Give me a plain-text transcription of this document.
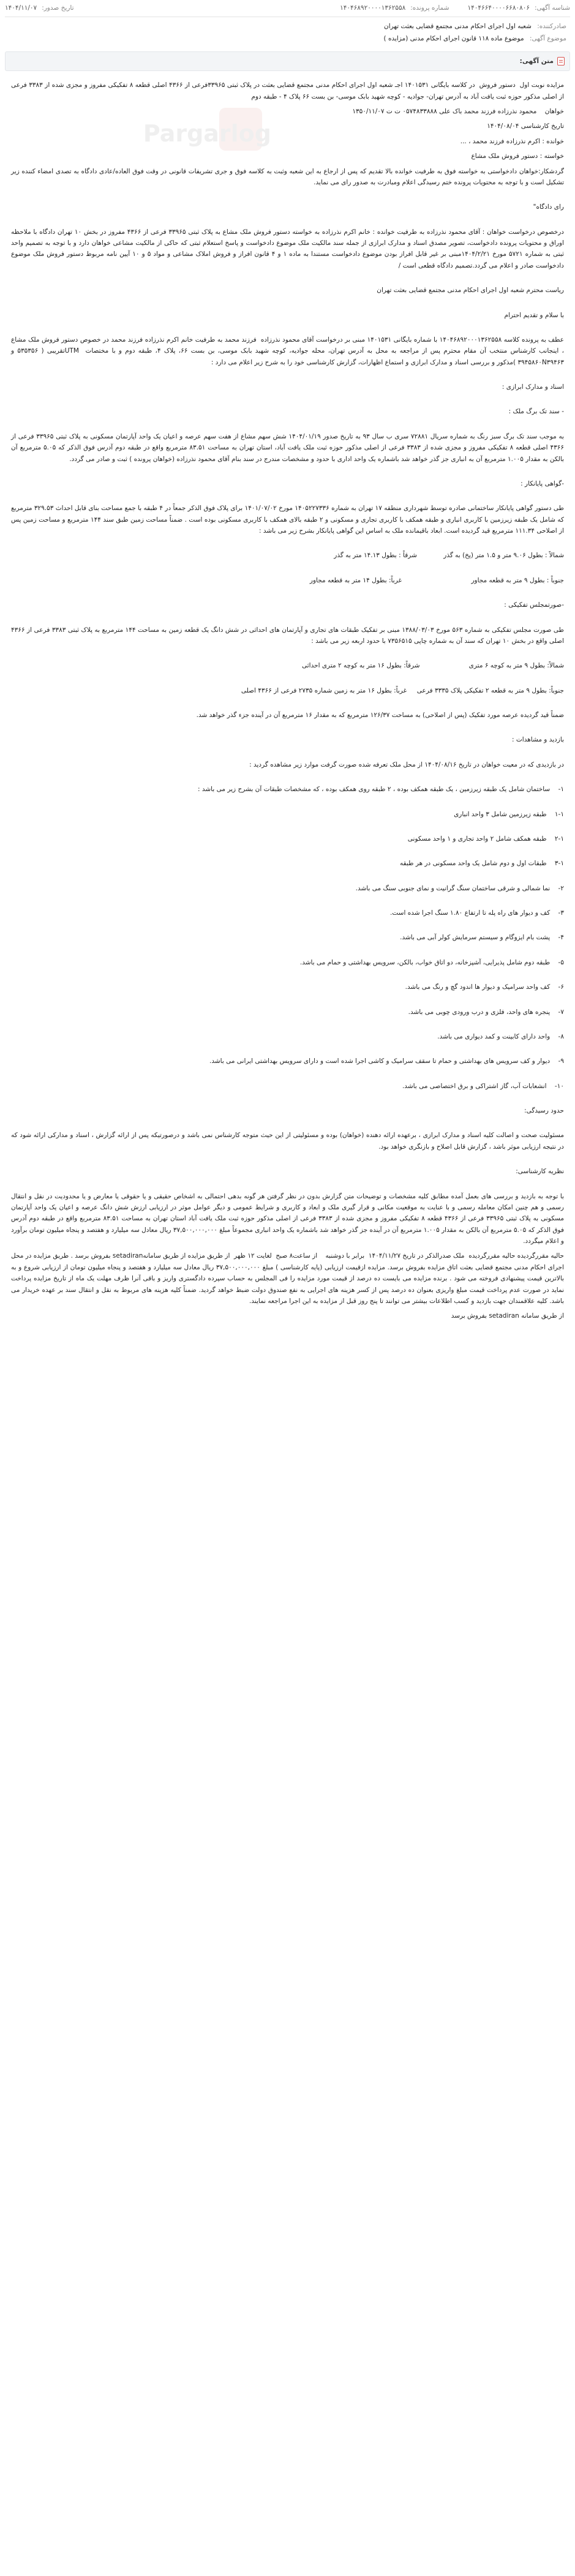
شناسه آگهی:
۱۴۰۴۶۶۴۰۰۰۰۶۶۸۰۸۰۶
شماره پرونده:
۱۴۰۴۶۸۹۲۰۰۰۰۱۳۶۲۵۵۸
تاریخ صدور:
۱۴۰۴/۱۱/۰۷
صادرکننده: شعبه اول اجرای احکام مدنی مجتمع قضایی بعثت تهران
موضوع آگهی: موضوع ماده ۱۱۸ قانون اجرای احکام مدنی (مزایده )
متن آگهی:
Pargarlog

مزایده نوبت اول  دستور فروش  در کلاسه بایگانی ۱۴۰۱۵۳۱ اجـ شعبه اول اجرای احکام مدنی مجتمع قضایی بعثت در پلاک ثبتی ۳۳۹۶۵فرعی از ۴۳۶۶ اصلی قطعه ۸ تفکیکی مفروز و مجزی شده از ۳۳۸۳ فرعی از اصلی مذکور حوزه ثبت یافت آباد به آدرس تهران- جوادیه - کوچه شهید بابک موسی- بن بست ۶۶ پلاک ۴ - طبقه دوم

خواهان    محمود نذرزاده فرزند محمد باک علی ۰۵۷۴۸۳۳۸۸۸ ت ت ۱۳۵۰/۱۱/۰۷

تاریخ کارشناسی ۱۴۰۴/۰۸/۰۴

خوانده : اکرم نذرزاده فرزند محمد ، ...

خواسته : دستور فروش ملک مشاع

گردشکار:خواهان دادخواستی به خواسته فوق به طرفیت خوانده بالا تقدیم که پس از ارجاع به این شعبه وثبت به کلاسه فوق و جری تشریفات قانونی در وقت فوق العاده/عادی دادگاه به تصدی امضاء کننده زیر تشکیل است و با توجه به محتویات پرونده ختم رسیدگی اعلام ومبادرت به صدور رای می نماید.

رای دادگاه"

درخصوص درخواست خواهان : آقای محمود نذرزاده به طرفیت خوانده : خانم اکرم نذرزاده به خواسته دستور فروش ملک مشاع به پلاک ثبتی ۳۳۹۶۵ فرعی از ۴۳۶۶ مفروز در بخش ۱۰ تهران دادگاه با ملاحظه اوراق و محتویات پرونده دادخواست، تصویر مصدق اسناد و مدارک ابرازی از جمله سند مالکیت ملک موضوع دادخواست و پاسخ استعلام ثبتی که حاکی از مالکیت مشاعی خواهان دارد و با توجه به تصمیم واحد ثبتی به شماره ۵۷۲۱ مورخ ۱۴۰۴/۲/۲۱مبنی بر غیر قابل افراز بودن موضوع دادخواست مستندا به ماده ۱ و ۴ قانون افراز و فروش املاک مشاعی و مواد ۵ و ۱۰ آیین نامه مربوط دستور فروش ملک موضوع دادخواست صادر و اعلام می گردد.تصمیم دادگاه قطعی است /

ریاست محترم شعبه اول اجرای احکام مدنی مجتمع قضایی بعثت تهران

با سلام و تقدیم احترام

عطف به پرونده کلاسه ۱۴۰۴۶۸۹۲۰۰۰۱۳۶۲۵۵۸ با شماره بایگانی ۱۴۰۱۵۳۱ مبنی بر درخواست آقای محمود نذرزاده  فرزند محمد به طرفیت خانم اکرم نذرزاده فرزند محمد در خصوص دستور فروش ملک مشاع ، اینجانب کارشناس منتخب آن مقام محترم پس از مراجعه به محل به آدرس تهران، محله جوادیه، کوچه شهید بابک موسی، بن بست ۶۶، پلاک ۴، طبقه دوم و با مختصات  UTMتقریبی ( ۵۳۵۳۵۶ و ۳۹۴۵۸۶۰N۳۹۴۶۳ )مذکور و بررسی اسناد و مدارک ابرازی و استماع اظهارات، گزارش کارشناسی خود را به شرح زیر اعلام می دارد :

اسناد و مدارک ابرازی :

- سند تک برگ ملک :

به موجب سند تک برگ سبز رنگ به شماره سریال ۷۲۸۸۱ سری ب سال ۹۳ به تاریخ صدور ۱۴۰۴/۰۱/۱۹ شش سهم مشاع از هفت سهم عرصه و اعیان یک واحد آپارتمان مسکونی به پلاک ثبتی ۳۳۹۶۵ فرعی از ۴۳۶۶ اصلی قطعه ۸ تفکیکی مفروز و مجزی شده از ۳۳۸۳ فرعی از اصلی مذکور حوزه ثبت ملک یافت آباد، استان تهران به مساحت ۸۳.۵۱ مترمربع واقع در طبقه دوم آدرس فوق الذکر که ۵.۰۵ مترمربع آن بالکن به مقدار ۱.۰۰۵ مترمربع آن به انباری جز گذر خواهد شد باشماره یک واحد اداری با حدود و مشخصات مندرج در سند بنام آقای محمود نذرزاده (خواهان پرونده ) ثبت و صادر می گردد.

-گواهی پایانکار :

طی دستور گواهی پایانکار ساختمانی صادره توسط شهرداری منطقه ۱۷ تهران به شماره ۱۴۰۵۲۲۷۳۳۶ مورخ ۱۴۰۱/۰۷/۰۲ برای پلاک فوق الذکر جمعاً در ۴ طبقه با جمع مساحت بنای قابل احداث ۳۲۹.۵۳ مترمربع که شامل یک طبقه زیرزمین با کاربری انباری و طبقه همکف با کاربری تجاری و مسکونی و ۲ طبقه بالای همکف با کاربری مسکونی بوده است . ضمناً مساحت زمین طبق سند ۱۴۴ مترمربع و مساحت زمین پس از اصلاحی ۱۱۱.۳۴ مترمربع قید گردیده است. ابعاد باقیمانده ملک به اساس این گواهی پایانکار بشرح زیر می باشد :

شمالاً : بطول ۹.۰۶ متر و ۱.۵ متر (پخ) به گذر             شرقاً : بطول ۱۴.۱۳ متر به گذر

جنوباً : بطول ۹ متر به قطعه مجاور                                  غرباً: بطول ۱۴ متر به قطعه مجاور

-صورتمجلس تفکیکی :

طی صورت مجلس تفکیکی به شماره ۵۶۳ مورخ ۱۳۸۸/۰۳/۰۳ مبنی بر تفکیک طبقات های تجاری و آپارتمان های احداثی در شش دانگ یک قطعه زمین به مساحت ۱۴۴ مترمربع به پلاک ثبتی ۳۳۸۳ فرعی از ۴۳۶۶ اصلی واقع در بخش ۱۰ تهران که سند آن به شماره چاپی ۷۳۵۶۵۱۵ با حدود اربعه زیر می باشد :

شمالاً: بطول ۹ متر به کوچه ۶ متری                        شرقاً: بطول ۱۶ متر به کوچه ۲ متری احداثی

جنوباً: بطول ۹ متر به قطعه ۲ تفکیکی پلاک ۳۳۳۵ فرعی     غرباً: بطول ۱۶ متر به زمین شماره ۲۷۳۵ فرعی از ۴۳۶۶ اصلی

ضمناً قید گردیده عرصه مورد تفکیک (پس از اصلاحی) به مساحت ۱۲۶/۳۷ مترمربع که به مقدار ۱۶ مترمربع آن در آینده جزء گذر خواهد شد.

بازدید و مشاهدات :

در بازدیدی که در معیت خواهان در تاریخ ۱۴۰۴/۰۸/۱۶ از محل ملک تعرفه شده صورت گرفت موارد زیر مشاهده گردید :

۱-    ساختمان شامل یک طبقه زیرزمین ، یک طبقه همکف بوده ، ۲ طبقه روی همکف بوده ، که مشخصات طبقات آن بشرح زیر می باشد :

۱-۱    طبقه زیرزمین شامل ۳ واحد انباری

۲-۱    طبقه همکف شامل ۲ واحد تجاری و ۱ واحد مسکونی

۳-۱    طبقات اول و دوم شامل یک واحد مسکونی در هر طبقه

۲-    نما شمالی و شرقی ساختمان سنگ گرانیت و نمای جنوبی سنگ می باشد.

۳-    کف و دیوار های راه پله تا ارتفاع ۱.۸۰ سنگ اجرا شده است.

۴-    پشت بام ایزوگام و سیستم سرمایش کولر آبی می باشد.

۵-    طبقه دوم شامل پذیرایی، آشپزخانه، دو اتاق خواب، بالکن، سرویس بهداشتی و حمام می باشد.

۶-    کف واحد سرامیک و دیوار ها اندود گچ و رنگ می باشد.

۷-    پنجره های واحد، فلزی و درب ورودی چوبی می باشد.

۸-    واحد دارای کابینت و کمد دیواری می باشد.

۹-    دیوار و کف سرویس های بهداشتی و حمام تا سقف سرامیک و کاشی اجرا شده است و دارای سرویس بهداشتی ایرانی می باشد.

۱۰-    انشعابات آب، گاز اشتراکی و برق اختصاصی می باشد.

حدود رسیدگی:

مسئولیت صحت و اصالت کلیه اسناد و مدارک ابرازی ، برعهده ارائه دهنده (خواهان) بوده و مسئولیتی از این حیث متوجه کارشناس نمی باشد و درصورتیکه پس از ارائه گزارش ، اسناد و مدارکی ارائه شود که در نتیجه ارزیابی موثر باشد ، گزارش قابل اصلاح و بازنگری خواهد بود.

نظریه کارشناسی:

با توجه به بازدید و بررسی های بعمل آمده مطابق کلیه مشخصات و توضیحات متن گزارش بدون در نظر گرفتن هر گونه بدهی احتمالی به اشخاص حقیقی و یا حقوقی یا معارض و یا محدودیت در نقل و انتقال رسمی و هم چنین امکان معامله رسمی و با عنایت به موقعیت مکانی و قرار گیری ملک و ابعاد و کاربری و شرایط عمومی و دیگر عوامل موثر در ارزیابی ارزش شش دانگ عرصه و اعیان یک واحد آپارتمان مسکونی به پلاک ثبتی ۳۳۹۶۵ فرعی از ۴۳۶۶ قطعه ۸ تفکیکی مفروز و مجزی شده از ۳۳۸۳ فرعی از اصلی مذکور حوزه ثبت ملک یافت آباد استان تهران به مساحت ۸۳.۵۱ مترمربع واقع در طبقه دوم آدرس فوق الذکر که ۵.۰۵ مترمربع آن بالکن به مقدار ۱.۰۰۵ مترمربع آن در آینده جز گذر خواهد شد باشماره یک واحد انباری مجموعاً مبلغ ۳۷,۵۰۰,۰۰۰,۰۰۰ ریال معادل سه میلیارد و هفتصد و پنجاه میلیون تومان برآورد و اعلام میگردد.

حالیه مقررگردیده حالیه مقررگردیده  ملک صدرالذکر در تاریخ ۱۴۰۴/۱۱/۲۷  برابر با دوشنبه    از ساعت۸ صبح  لغایت ۱۲ ظهر  از طریق مزایده از طریق سامانهsetadiran بفروش برسد . طریق مزایده در محل اجرای احکام مدنی مجتمع قضایی بعثت اتاق مزایده بفروش برسد. مزایده ازقیمت ارزیابی (پایه کارشناسی ) مبلغ ۳۷,۵۰۰,۰۰۰,۰۰۰ ریال معادل سه میلیارد و هفتصد و پنجاه میلیون تومان از ارزیابی شروع و به بالاترین قیمت پیشنهادی فروخته می شود . برنده مزایده می بایست ده درصد از قیمت مورد مزایده را فی المجلس به حساب سپرده دادگستری واریز و باقی آنرا ظرف مهلت یک ماه از تاریخ مزایده پرداخت نماید در صورت عدم پرداخت قیمت مبلغ واریزی بعنوان ده درصد پس از کسر هزینه های اجرایی به نفع صندوق دولت ضبط خواهد گردید. ضمناً کلیه هزینه های مربوط به نقل و انتقال سند بر عهده خریدار می باشد. کلیه علاقمندان جهت بازدید و کسب اطلاعات بیشتر می توانند تا پنج روز قبل از مزایده به این اجرا مراجعه نمایند.

از طریق سامانه setadiran بفروش برسد
